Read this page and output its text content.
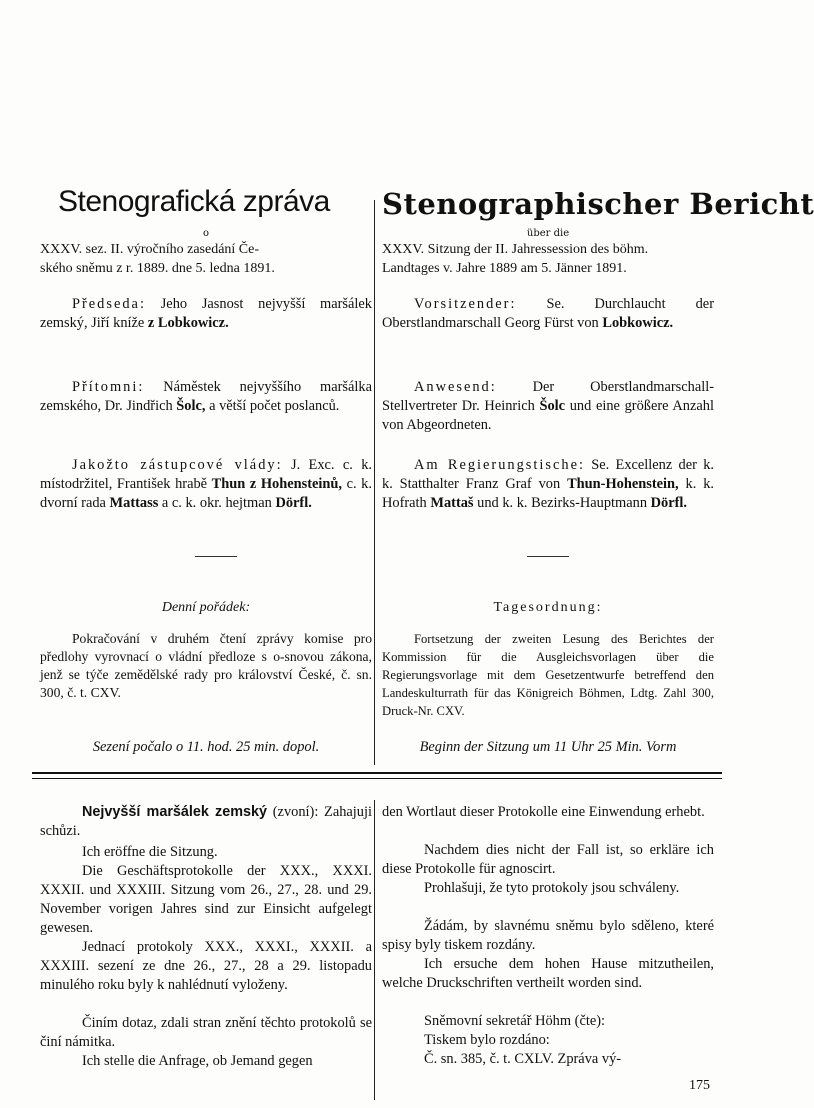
Stenografická zpráva
o
XXXV. sez. II. výročního zasedání Če-
ského sněmu z r. 1889. dne 5. ledna 1891.
Předseda: Jeho Jasnost nejvyšší maršálek zemský, Jiří kníže z Lobkowicz.
Přítomni: Náměstek nejvyššího maršálka zemského, Dr. Jindřich Šolc, a větší počet poslanců.
Jakožto zástupcové vlády: J. Exc. c. k. místodržitel, František hrabě Thun z Hohensteinů, c. k. dvorní rada Mattass a c. k. okr. hejtman Dörfl.
Denní pořádek:
Pokračování v druhém čtení zprávy komise pro předlohy vyrovnací o vládní předloze s o-snovou zákona, jenž se týče zemědělské rady pro království České, č. sn. 300, č. t. CXV.
Sezení počalo o 11. hod. 25 min. dopol.
Nejvyšší maršálek zemský (zvoní): Zahajuji schůzi.
Ich eröffne die Sitzung.
Die Geschäftsprotokolle der XXX., XXXI. XXXII. und XXXIII. Sitzung vom 26., 27., 28. und 29. November vorigen Jahres sind zur Einsicht aufgelegt gewesen.
Jednací protokoly XXX., XXXI., XXXII. a XXXIII. sezení ze dne 26., 27., 28 a 29. listopadu minulého roku byly k nahlédnutí vyloženy.
Činím dotaz, zdali stran znění těchto protokolů se činí námitka.
Ich stelle die Anfrage, ob Jemand gegen
Stenographischer Bericht
über die
XXXV. Sitzung der II. Jahressession des böhm.
Landtages v. Jahre 1889 am 5. Jänner 1891.
Vorsitzender: Se. Durchlaucht der Oberstlandmarschall Georg Fürst von Lobkowicz.
Anwesend: Der Oberstlandmarschall-Stellvertreter Dr. Heinrich Šolc und eine größere Anzahl von Abgeordneten.
Am Regierungstische: Se. Excellenz der k. k. Statthalter Franz Graf von Thun-Hohenstein, k. k. Hofrath Mattaš und k. k. Bezirks-Hauptmann Dörfl.
Tagesordnung:
Fortsetzung der zweiten Lesung des Berichtes der Kommission für die Ausgleichsvorlagen über die Regierungsvorlage mit dem Gesetzentwurfe betreffend den Landeskulturrath für das Königreich Böhmen, Ldtg. Zahl 300, Druck-Nr. CXV.
Beginn der Sitzung um 11 Uhr 25 Min. Vorm
den Wortlaut dieser Protokolle eine Einwendung erhebt.
Nachdem dies nicht der Fall ist, so erkläre ich diese Protokolle für agnoscirt.
Prohlašuji, že tyto protokoly jsou schváleny.
Žádám, by slavnému sněmu bylo sděleno, které spisy byly tiskem rozdány.
Ich ersuche dem hohen Hause mitzutheilen, welche Druckschriften vertheilt worden sind.
Sněmovní sekretář Höhm (čte):
Tiskem bylo rozdáno:
Č. sn. 385, č. t. CXLV. Zpráva vý-
175
